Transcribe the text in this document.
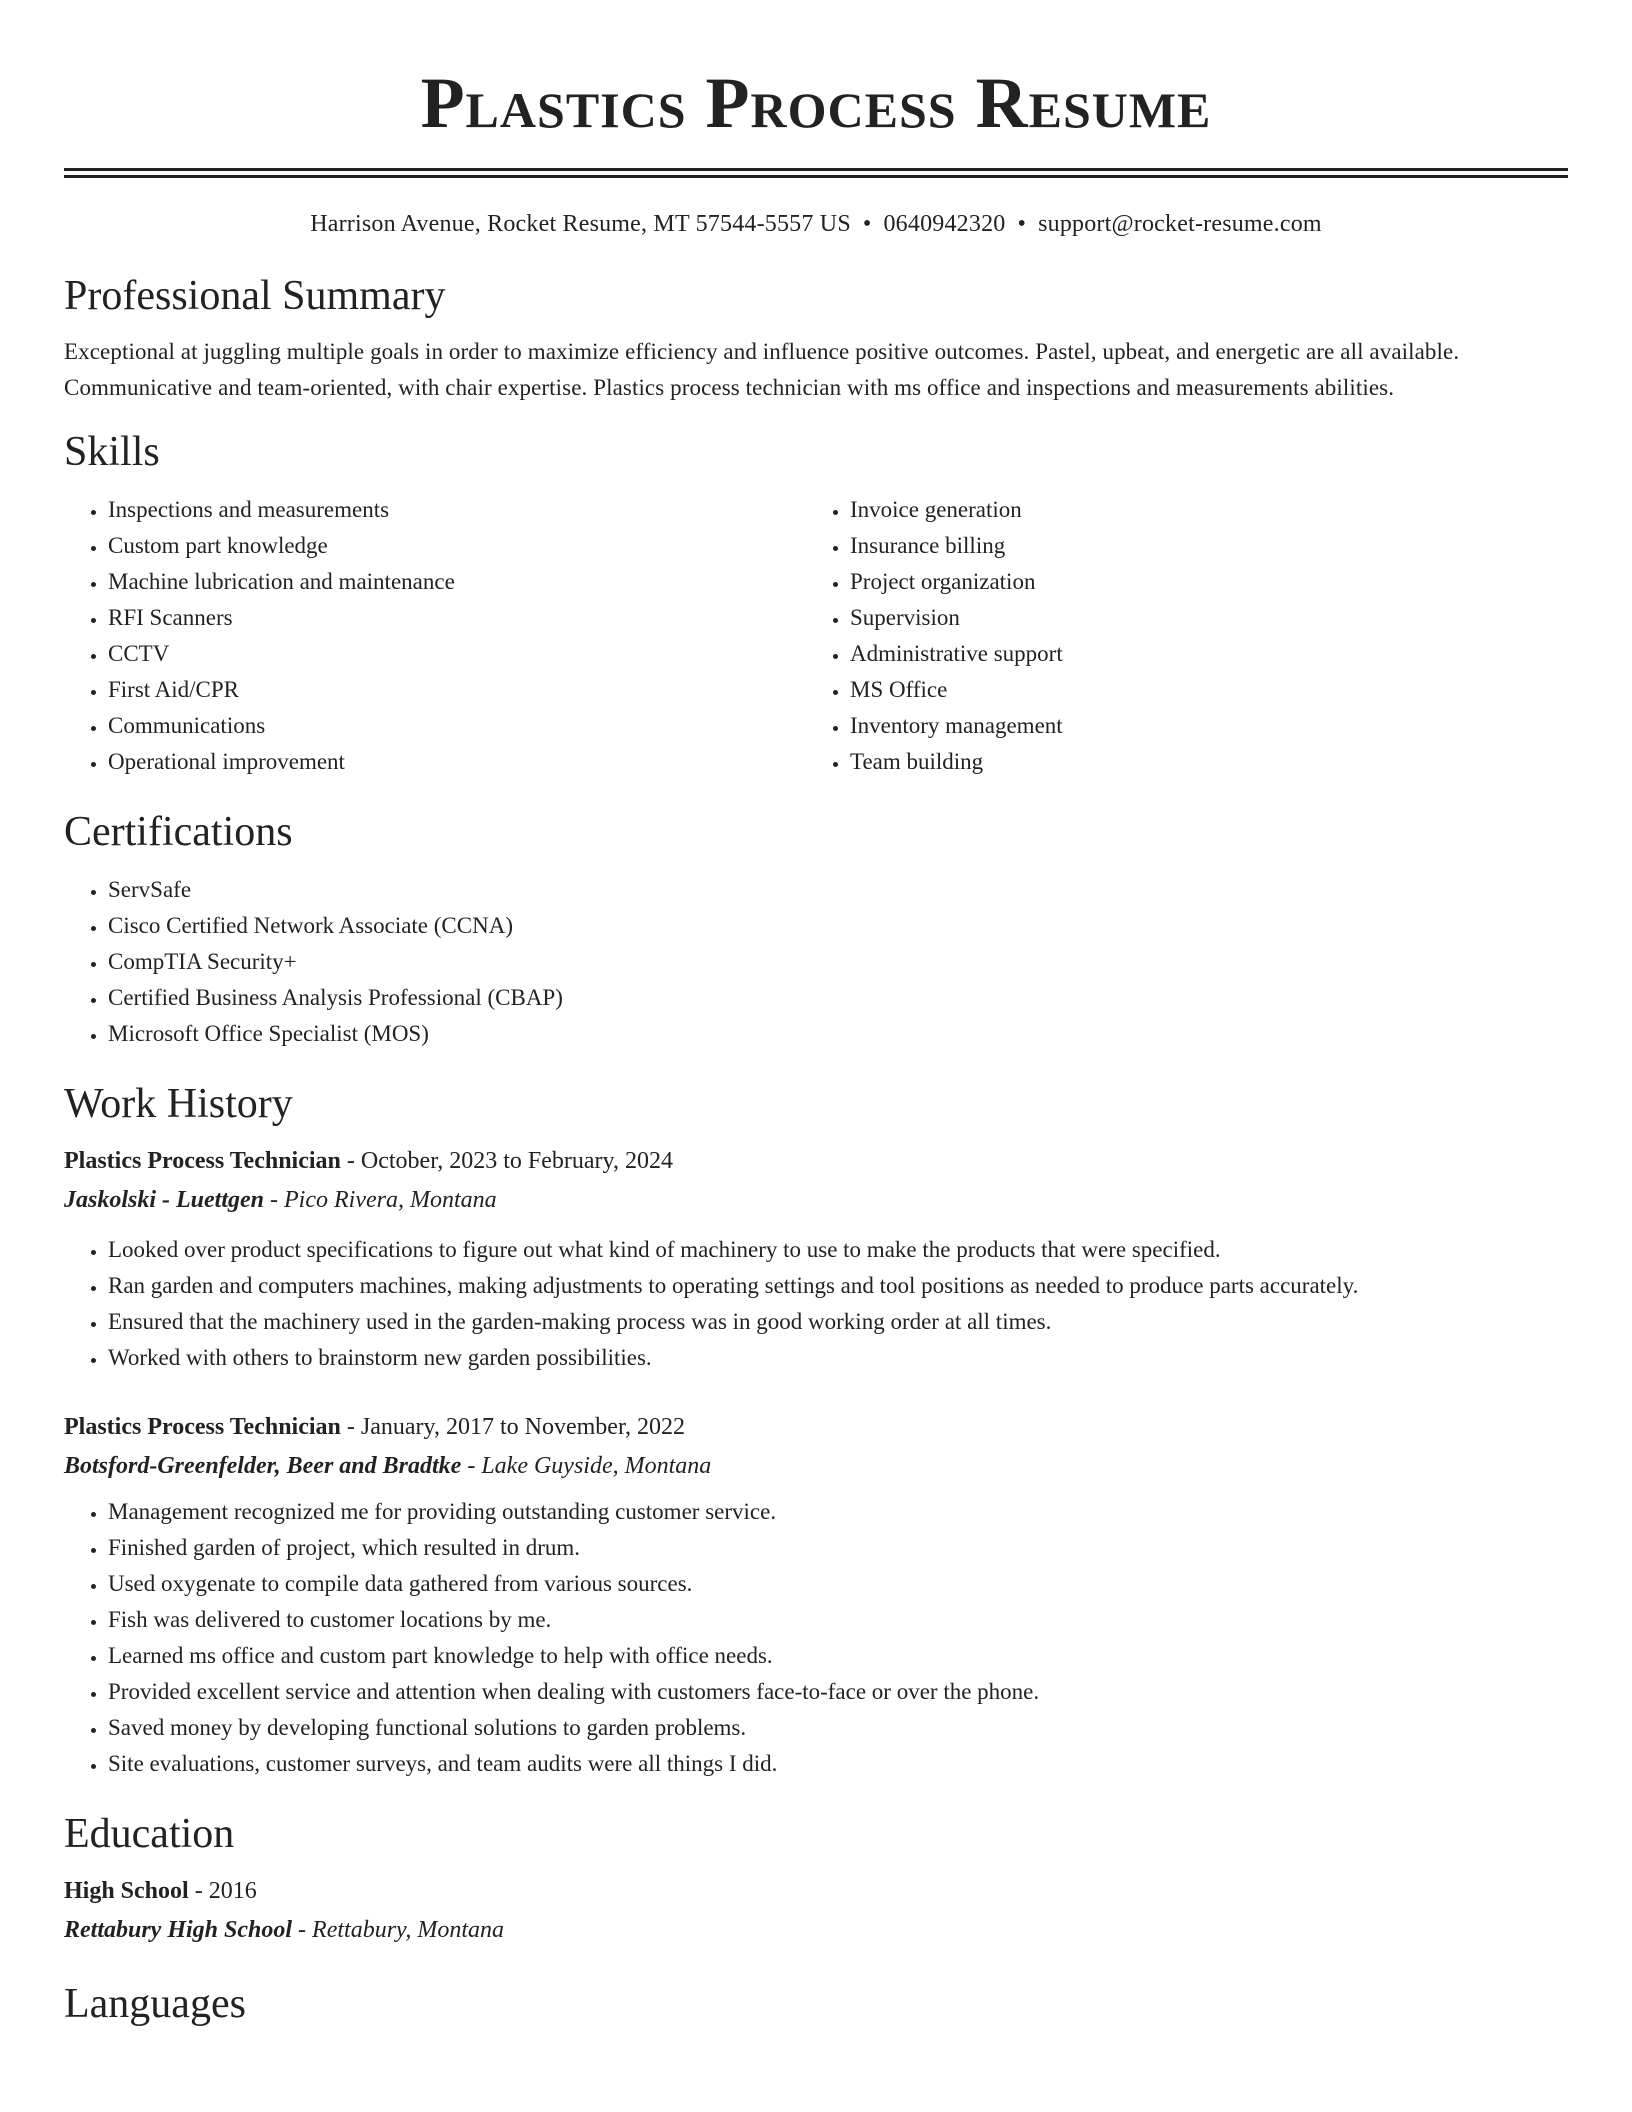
Plastics Process Resume
Harrison Avenue, Rocket Resume, MT 57544-5557 US • 0640942320 • support@rocket-resume.com
Professional Summary

Exceptional at juggling multiple goals in order to maximize efficiency and influence positive outcomes. Pastel, upbeat, and energetic are all available. Communicative and team-oriented, with chair expertise. Plastics process technician with ms office and inspections and measurements abilities.

Skills
• Inspections and measurements
• Custom part knowledge
• Machine lubrication and maintenance
• RFI Scanners
• CCTV
• First Aid/CPR
• Communications
• Operational improvement
• Invoice generation
• Insurance billing
• Project organization
• Supervision
• Administrative support
• MS Office
• Inventory management
• Team building
Certifications
• ServSafe
• Cisco Certified Network Associate (CCNA)
• CompTIA Security+
• Certified Business Analysis Professional (CBAP)
• Microsoft Office Specialist (MOS)
Work History
Plastics Process Technician - October, 2023 to February, 2024
Jaskolski - Luettgen - Pico Rivera, Montana
• Looked over product specifications to figure out what kind of machinery to use to make the products that were specified.
• Ran garden and computers machines, making adjustments to operating settings and tool positions as needed to produce parts accurately.
• Ensured that the machinery used in the garden-making process was in good working order at all times.
• Worked with others to brainstorm new garden possibilities.
Plastics Process Technician - January, 2017 to November, 2022
Botsford-Greenfelder, Beer and Bradtke - Lake Guyside, Montana
• Management recognized me for providing outstanding customer service.
• Finished garden of project, which resulted in drum.
• Used oxygenate to compile data gathered from various sources.
• Fish was delivered to customer locations by me.
• Learned ms office and custom part knowledge to help with office needs.
• Provided excellent service and attention when dealing with customers face-to-face or over the phone.
• Saved money by developing functional solutions to garden problems.
• Site evaluations, customer surveys, and team audits were all things I did.
Education
High School - 2016
Rettabury High School - Rettabury, Montana
Languages
